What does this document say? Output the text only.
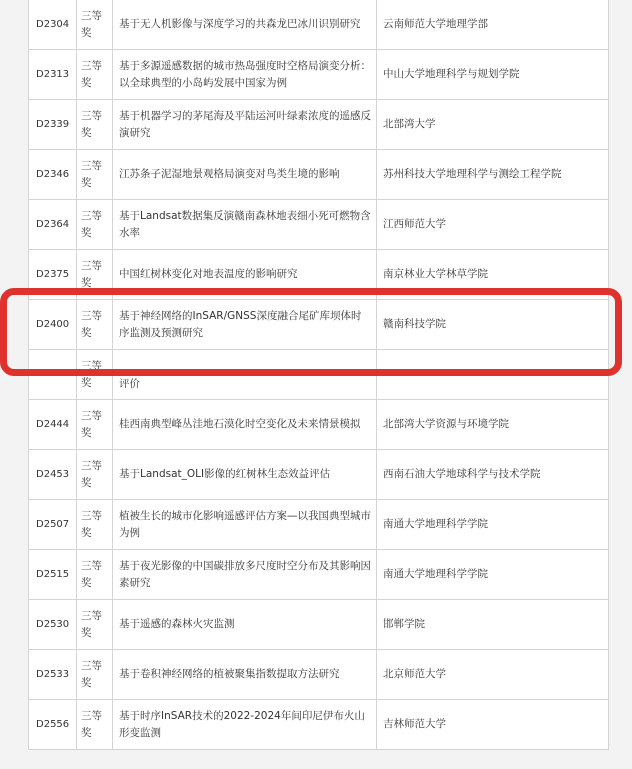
D2304	三等奖	基于无人机影像与深度学习的共森龙巴冰川识别研究	云南师范大学地理学部
D2313	三等奖	基于多源遥感数据的城市热岛强度时空格局演变分析：以全球典型的小岛屿发展中国家为例	中山大学地理科学与规划学院
D2339	三等奖	基于机器学习的茅尾海及平陆运河叶绿素浓度的遥感反演研究	北部湾大学
D2346	三等奖	江苏条子泥湿地景观格局演变对鸟类生境的影响	苏州科技大学地理科学与测绘工程学院
D2364	三等奖	基于Landsat数据集反演赣南森林地表细小死可燃物含水率	江西师范大学
D2375	三等奖	中国红树林变化对地表温度的影响研究	南京林业大学林草学院
D2400	三等奖	基于神经网络的InSAR/GNSS深度融合尾矿库坝体时序监测及预测研究	赣南科技学院
	三等奖	评价	
D2444	三等奖	桂西南典型峰丛洼地石漠化时空变化及未来情景模拟	北部湾大学资源与环境学院
D2453	三等奖	基于Landsat_OLI影像的红树林生态效益评估	西南石油大学地球科学与技术学院
D2507	三等奖	植被生长的城市化影响遥感评估方案—以我国典型城市为例	南通大学地理科学学院
D2515	三等奖	基于夜光影像的中国碳排放多尺度时空分布及其影响因素研究	南通大学地理科学学院
D2530	三等奖	基于遥感的森林火灾监测	邯郸学院
D2533	三等奖	基于卷积神经网络的植被聚集指数提取方法研究	北京师范大学
D2556	三等奖	基于时序InSAR技术的2022-2024年间印尼伊布火山形变监测	吉林师范大学
